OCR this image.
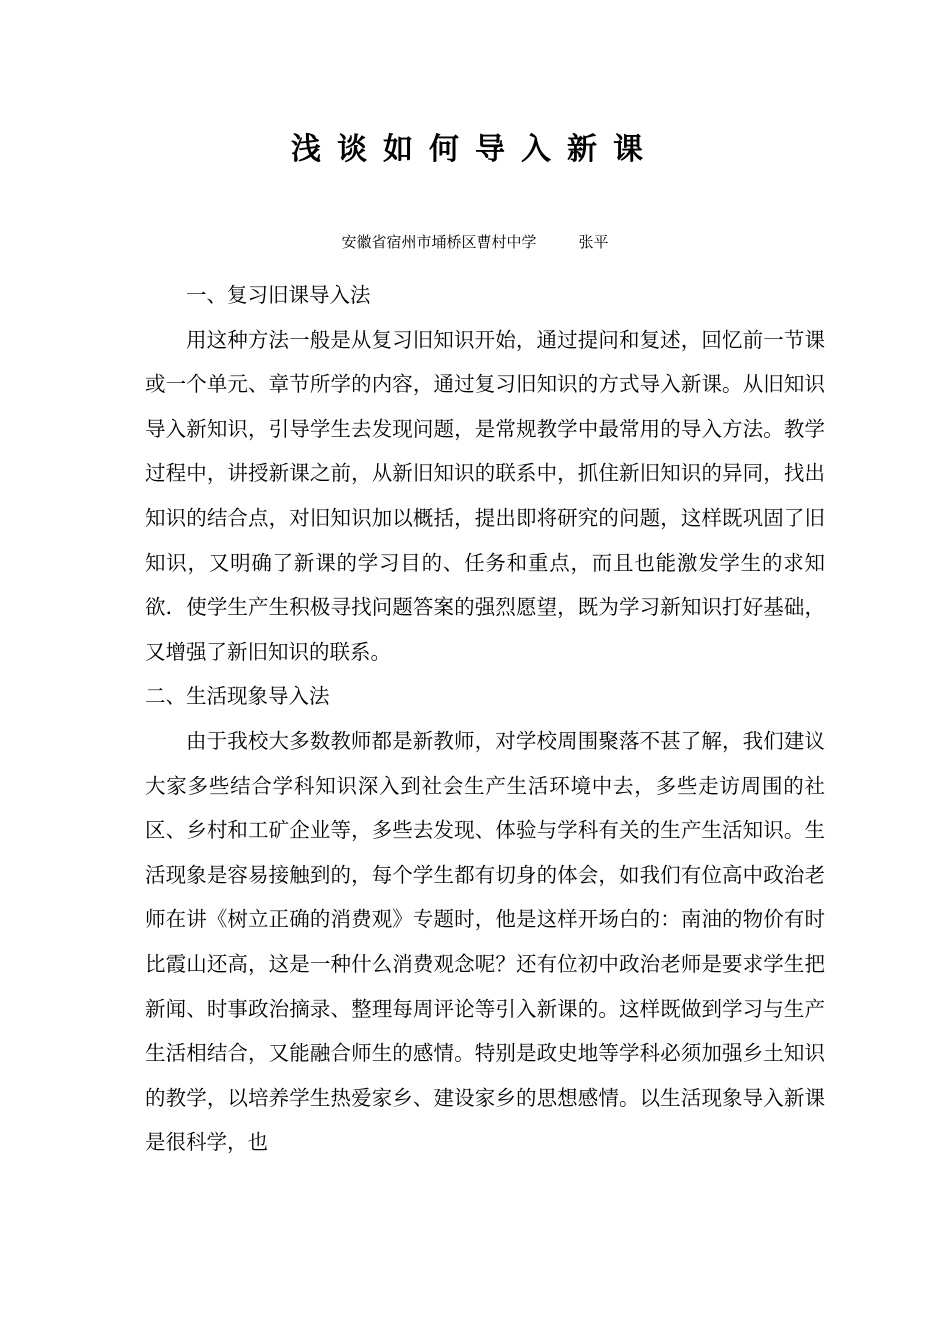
浅谈如何导入新课
安徽省宿州市埇桥区曹村中学	张平

一、复习旧课导入法

用这种方法一般是从复习旧知识开始，通过提问和复述，回忆前一节课或一个单元、章节所学的内容，通过复习旧知识的方式导入新课。从旧知识导入新知识，引导学生去发现问题，是常规教学中最常用的导入方法。教学过程中，讲授新课之前，从新旧知识的联系中，抓住新旧知识的异同，找出知识的结合点，对旧知识加以概括，提出即将研究的问题，这样既巩固了旧知识，又明确了新课的学习目的、任务和重点，而且也能激发学生的求知欲．使学生产生积极寻找问题答案的强烈愿望，既为学习新知识打好基础，又增强了新旧知识的联系。

二、生活现象导入法

由于我校大多数教师都是新教师，对学校周围聚落不甚了解，我们建议大家多些结合学科知识深入到社会生产生活环境中去，多些走访周围的社区、乡村和工矿企业等，多些去发现、体验与学科有关的生产生活知识。生活现象是容易接触到的，每个学生都有切身的体会，如我们有位高中政治老师在讲《树立正确的消费观》专题时，他是这样开场白的：南油的物价有时比霞山还高，这是一种什么消费观念呢？还有位初中政治老师是要求学生把新闻、时事政治摘录、整理每周评论等引入新课的。这样既做到学习与生产生活相结合，又能融合师生的感情。特别是政史地等学科必须加强乡土知识的教学，以培养学生热爱家乡、建设家乡的思想感情。以生活现象导入新课是很科学，也
